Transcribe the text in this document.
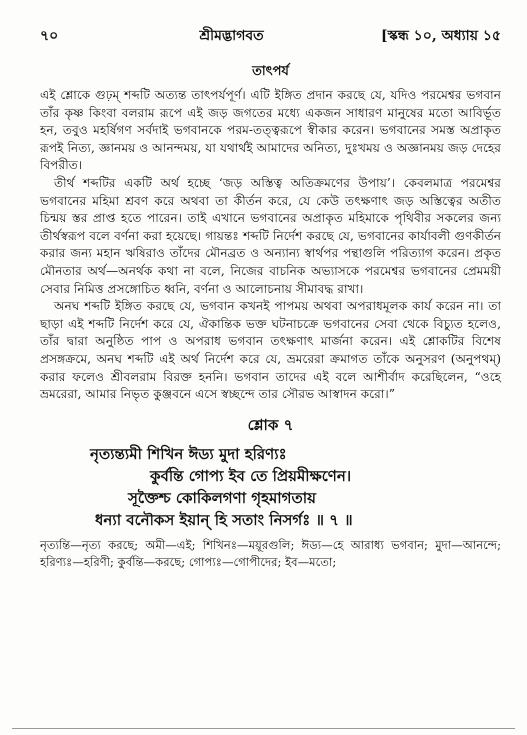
৭০	শ্রীমদ্ভাগবত	[স্কন্ধ ১০, অধ্যায় ১৫
তাৎপর্য

এই শ্লোকে গুঢ়ম্‌ শব্দটি অত্যন্ত তাৎপর্যপূর্ণ। এটি ইঙ্গিত প্রদান করছে যে, যদিও পরমেশ্বর ভগবান তাঁর কৃষ্ণ কিংবা বলরাম রূপে এই জড় জগতের মধ্যে একজন সাধারণ মানুষের মতো আবির্ভূত হন, তবুও মহর্ষিগণ সর্বদাই ভগবানকে পরম-তত্ত্বরূপে স্বীকার করেন। ভগবানের সমস্ত অপ্রাকৃত রূপই নিত্য, জ্ঞানময় ও আনন্দময়, যা যথার্থই আমাদের অনিত্য, দুঃখময় ও অজ্ঞানময় জড় দেহের বিপরীত।

তীর্থ শব্দটির একটি অর্থ হচ্ছে ‘জড় অস্তিত্ব অতিক্রমণের উপায়’। কেবলমাত্র পরমেশ্বর ভগবানের মহিমা শ্রবণ করে অথবা তা কীর্তন করে, যে কেউ তৎক্ষণাৎ জড় অস্তিত্বের অতীত চিন্ময় স্তর প্রাপ্ত হতে পারেন। তাই এখানে ভগবানের অপ্রাকৃত মহিমাকে পৃথিবীর সকলের জন্য তীর্থস্বরূপ বলে বর্ণনা করা হয়েছে। গায়ন্তঃ শব্দটি নির্দেশ করছে যে, ভগবানের কার্যাবলী গুণকীর্তন করার জন্য মহান ঋষিরাও তাঁদের মৌনব্রত ও অন্যান্য স্বার্থপর পন্থাগুলি পরিত্যাগ করেন। প্রকৃত মৌনতার অর্থ—অনর্থক কথা না বলে, নিজের বাচনিক অভ্যাসকে পরমেশ্বর ভগবানের প্রেমময়ী সেবার নিমিত্ত প্রসঙ্গোচিত ধ্বনি, বর্ণনা ও আলোচনায় সীমাবদ্ধ রাখা।

অনঘ শব্দটি ইঙ্গিত করছে যে, ভগবান কখনই পাপময় অথবা অপরাধমূলক কার্য করেন না। তা ছাড়া এই শব্দটি নির্দেশ করে যে, ঐকান্তিক ভক্ত ঘটনাচক্রে ভগবানের সেবা থেকে বিচ্যুত হলেও, তাঁর দ্বারা অনুষ্ঠিত পাপ ও অপরাধ ভগবান তৎক্ষণাৎ মার্জনা করেন। এই শ্লোকটির বিশেষ প্রসঙ্গক্রমে, অনঘ শব্দটি এই অর্থ নির্দেশ করে যে, ভ্রমরেরা ক্রমাগত তাঁকে অনুসরণ (অনুপথম্‌) করার ফলেও শ্রীবলরাম বিরক্ত হননি। ভগবান তাদের এই বলে আশীর্বাদ করেছিলেন, “ওহে ভ্রমরেরা, আমার নিভৃত কুঞ্জবনে এসে স্বচ্ছন্দে তার সৌরভ আস্বাদন করো।”

শ্লোক ৭

নৃত্যন্ত্যমী শিখিন ঈড্য মুদা হরিণ্যঃ

কুর্বন্তি গোপ্য ইব তে প্রিয়মীক্ষণেন।

সূক্তৈশ্চ কোকিলগণা গৃহমাগতায়

ধন্যা বনৌকস ইয়ান্‌ হি সতাং নিসর্গঃ ॥ ৭ ॥

নৃত্যন্তি—নৃত্য করছে; অমী—এই; শিখিনঃ—ময়ূরগুলি; ঈড্য—হে আরাধ্য ভগবান; মুদা—আনন্দে; হরিণ্যঃ—হরিণী; কুর্বন্তি—করছে; গোপ্যঃ—গোপীদের; ইব—মতো;
